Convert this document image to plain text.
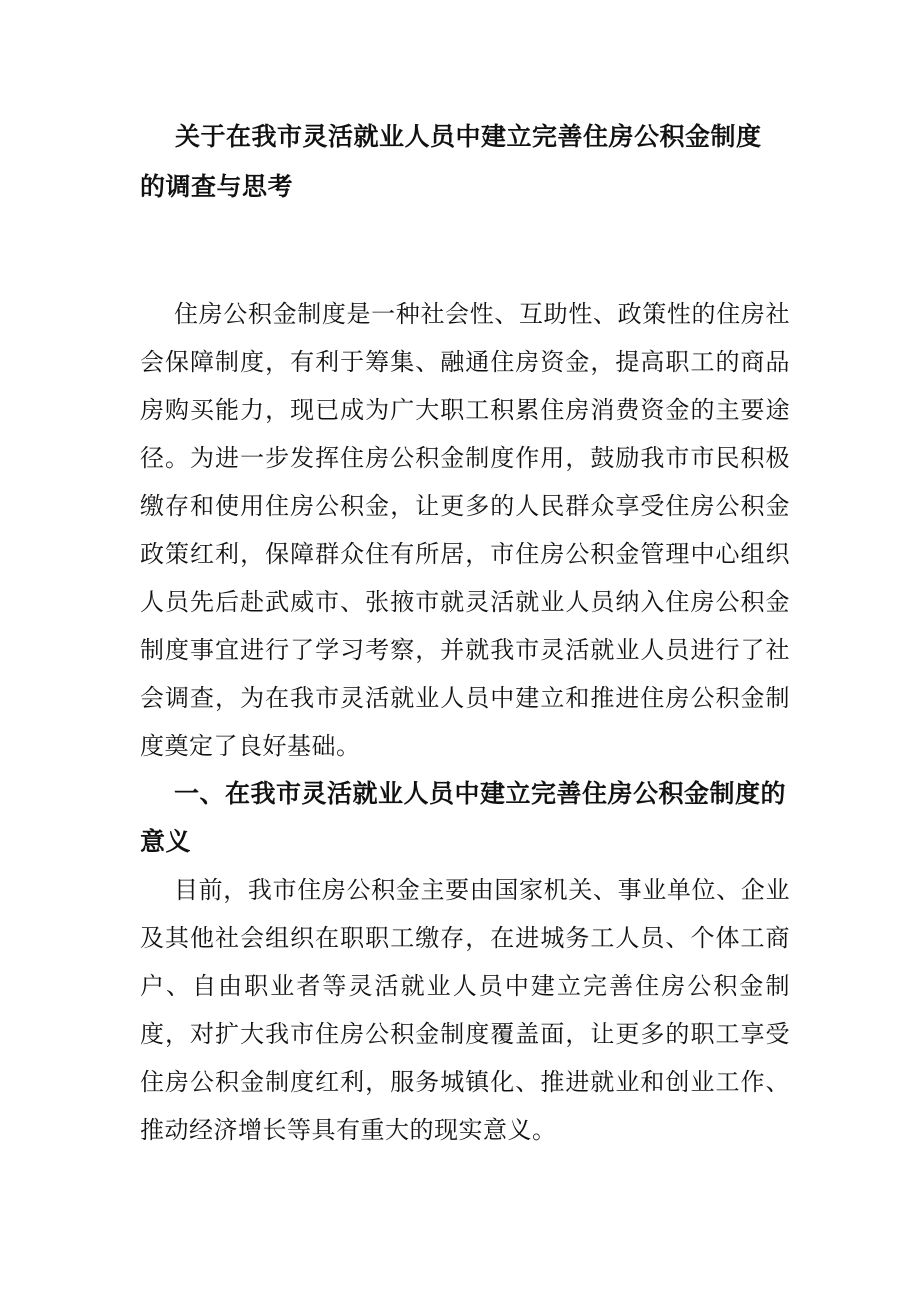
关于在我市灵活就业人员中建立完善住房公积金制度

的调查与思考

住房公积金制度是一种社会性、互助性、政策性的住房社会保障制度，有利于筹集、融通住房资金，提高职工的商品房购买能力，现已成为广大职工积累住房消费资金的主要途径。为进一步发挥住房公积金制度作用，鼓励我市市民积极缴存和使用住房公积金，让更多的人民群众享受住房公积金政策红利，保障群众住有所居，市住房公积金管理中心组织人员先后赴武威市、张掖市就灵活就业人员纳入住房公积金制度事宜进行了学习考察，并就我市灵活就业人员进行了社会调查，为在我市灵活就业人员中建立和推进住房公积金制度奠定了良好基础。

一、在我市灵活就业人员中建立完善住房公积金制度的意义

目前，我市住房公积金主要由国家机关、事业单位、企业及其他社会组织在职职工缴存，在进城务工人员、个体工商户、自由职业者等灵活就业人员中建立完善住房公积金制度，对扩大我市住房公积金制度覆盖面，让更多的职工享受住房公积金制度红利，服务城镇化、推进就业和创业工作、推动经济增长等具有重大的现实意义。
